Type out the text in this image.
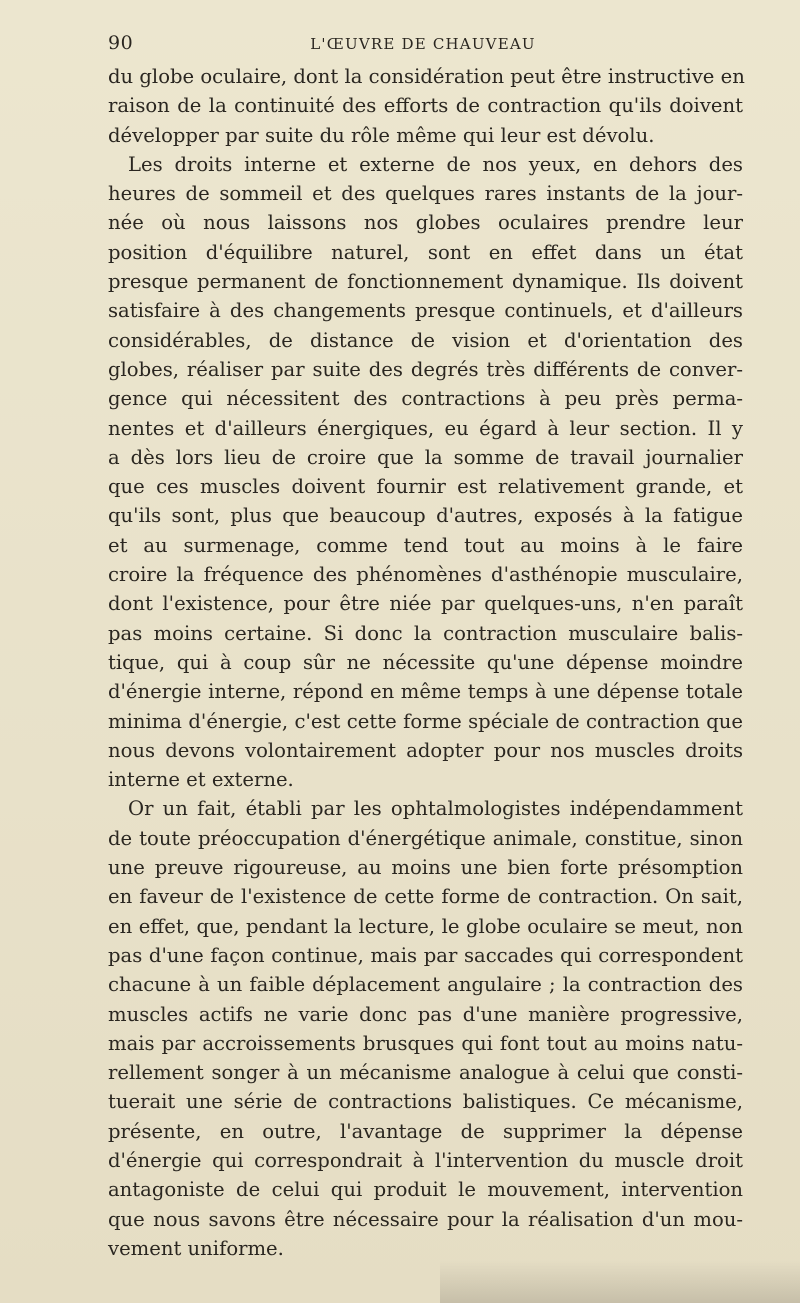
90	L'ŒUVRE DE CHAUVEAU
du globe oculaire, dont la considération peut être instructive en
raison de la continuité des efforts de contraction qu'ils doivent
développer par suite du rôle même qui leur est dévolu.
Les droits interne et externe de nos yeux, en dehors des
heures de sommeil et des quelques rares instants de la jour-
née où nous laissons nos globes oculaires prendre leur
position d'équilibre naturel, sont en effet dans un état
presque permanent de fonctionnement dynamique. Ils doivent
satisfaire à des changements presque continuels, et d'ailleurs
considérables, de distance de vision et d'orientation des
globes, réaliser par suite des degrés très différents de conver-
gence qui nécessitent des contractions à peu près perma-
nentes et d'ailleurs énergiques, eu égard à leur section. Il y
a dès lors lieu de croire que la somme de travail journalier
que ces muscles doivent fournir est relativement grande, et
qu'ils sont, plus que beaucoup d'autres, exposés à la fatigue
et au surmenage, comme tend tout au moins à le faire
croire la fréquence des phénomènes d'asthénopie musculaire,
dont l'existence, pour être niée par quelques-uns, n'en paraît
pas moins certaine. Si donc la contraction musculaire balis-
tique, qui à coup sûr ne nécessite qu'une dépense moindre
d'énergie interne, répond en même temps à une dépense totale
minima d'énergie, c'est cette forme spéciale de contraction que
nous devons volontairement adopter pour nos muscles droits
interne et externe.
Or un fait, établi par les ophtalmologistes indépendamment
de toute préoccupation d'énergétique animale, constitue, sinon
une preuve rigoureuse, au moins une bien forte présomption
en faveur de l'existence de cette forme de contraction. On sait,
en effet, que, pendant la lecture, le globe oculaire se meut, non
pas d'une façon continue, mais par saccades qui correspondent
chacune à un faible déplacement angulaire ; la contraction des
muscles actifs ne varie donc pas d'une manière progressive,
mais par accroissements brusques qui font tout au moins natu-
rellement songer à un mécanisme analogue à celui que consti-
tuerait une série de contractions balistiques. Ce mécanisme,
présente, en outre, l'avantage de supprimer la dépense
d'énergie qui correspondrait à l'intervention du muscle droit
antagoniste de celui qui produit le mouvement, intervention
que nous savons être nécessaire pour la réalisation d'un mou-
vement uniforme.
